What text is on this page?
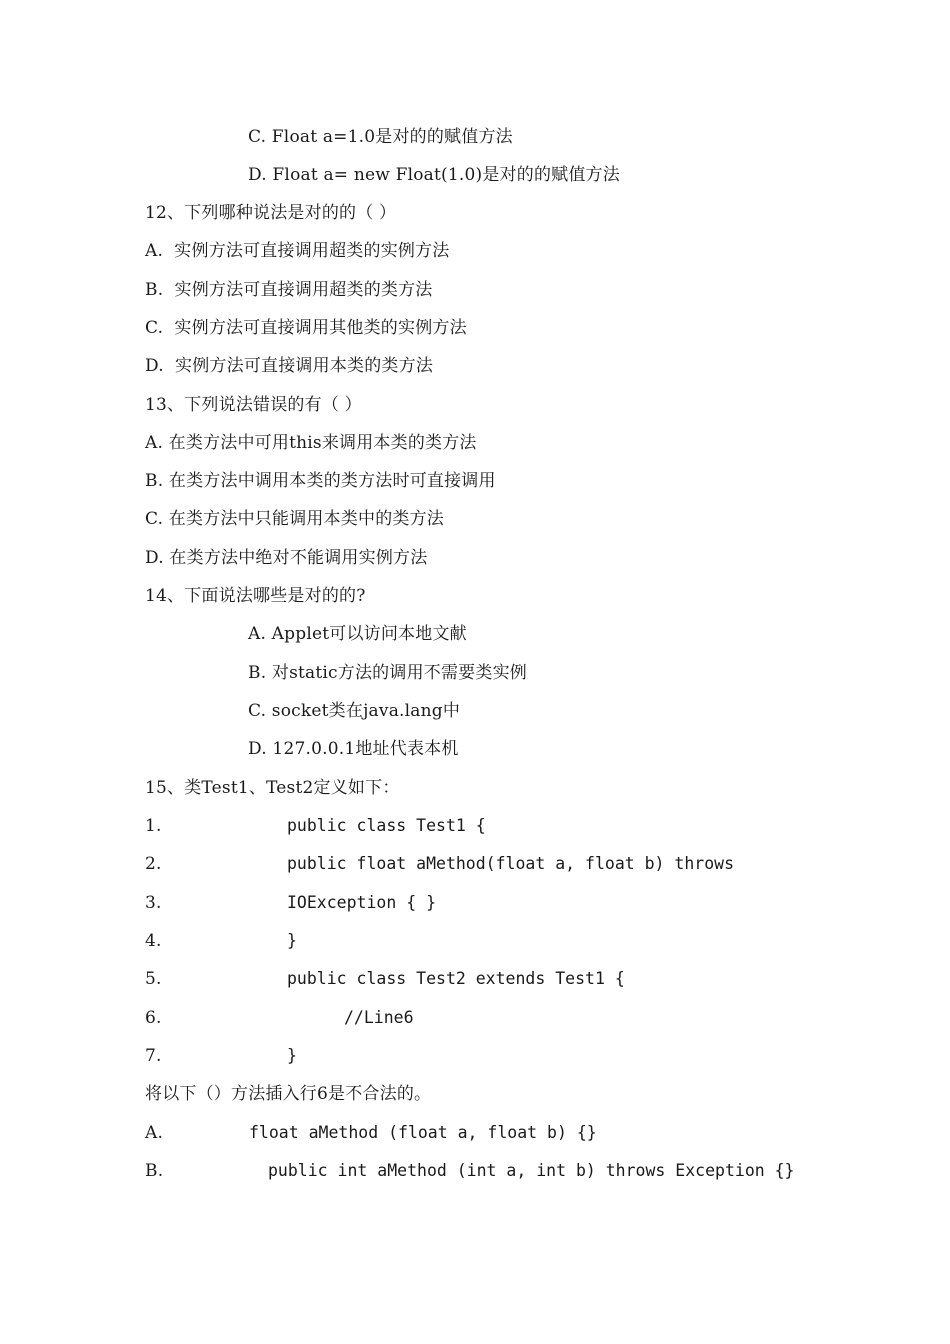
C. Float a=1.0是对的的赋值方法
D. Float a= new Float(1.0)是对的的赋值方法
12、下列哪种说法是对的的（ ）
A.  实例方法可直接调用超类的实例方法
B.  实例方法可直接调用超类的类方法
C.  实例方法可直接调用其他类的实例方法
D.  实例方法可直接调用本类的类方法
13、下列说法错误的有（ ）
A. 在类方法中可用this来调用本类的类方法
B. 在类方法中调用本类的类方法时可直接调用
C. 在类方法中只能调用本类中的类方法
D. 在类方法中绝对不能调用实例方法
14、下面说法哪些是对的的?
A. Applet可以访问本地文献
B. 对static方法的调用不需要类实例
C. socket类在java.lang中
D. 127.0.0.1地址代表本机
15、类Test1、Test2定义如下：
1.	public class Test1 {
2.	public float aMethod(float a, float b) throws
3.	IOException { }
4.	}
5.	public class Test2 extends Test1 {
6.	//Line6
7.	}
将以下（）方法插入行6是不合法的。
A.	float aMethod (float a, float b) {}
B.	public int aMethod (int a, int b) throws Exception {}
